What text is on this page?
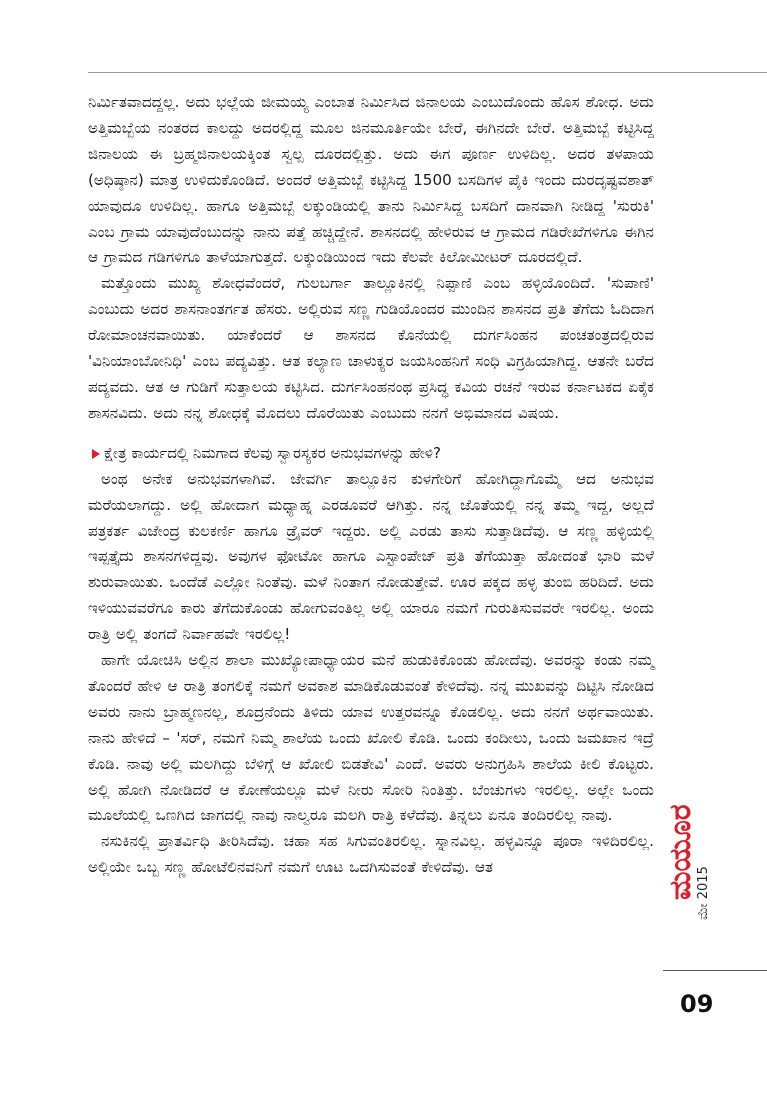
ನಿರ್ಮಿತವಾದದ್ದಲ್ಲ. ಅದು ಭಲ್ಲೆಯ ಜೀಮಯ್ಯ ಎಂಬಾತ ನಿರ್ಮಿಸಿದ ಜಿನಾಲಯ ಎಂಬುದೊಂದು ಹೊಸ ಶೋಧ. ಅದು ಅತ್ತಿಮಬ್ಬೆಯ ನಂತರದ ಕಾಲದ್ದು ಅದರಲ್ಲಿದ್ದ ಮೂಲ ಜಿನಮೂರ್ತಿಯೇ ಬೇರೆ, ಈಗಿನದೇ ಬೇರೆ. ಅತ್ತಿಮಬ್ಬೆ ಕಟ್ಟಿಸಿದ್ದ ಜಿನಾಲಯ ಈ ಬ್ರಹ್ಮಜಿನಾಲಯಕ್ಕಿಂತ ಸ್ವಲ್ಪ ದೂರದಲ್ಲಿತ್ತು. ಅದು ಈಗ ಪೂರ್ಣ ಉಳಿದಿಲ್ಲ. ಅದರ ತಳಪಾಯ (ಅಧಿಷ್ಠಾನ) ಮಾತ್ರ ಉಳಿದುಕೊಂಡಿದೆ. ಅಂದರೆ ಅತ್ತಿಮಬ್ಬೆ ಕಟ್ಟಿಸಿದ್ದ 1500 ಬಸದಿಗಳ ಪೈಕಿ ಇಂದು ದುರದೃಷ್ಟವಶಾತ್ ಯಾವುದೂ ಉಳಿದಿಲ್ಲ. ಹಾಗೂ ಅತ್ತಿಮಬ್ಬೆ ಲಕ್ಕುಂಡಿಯಲ್ಲಿ ತಾನು ನಿರ್ಮಿಸಿದ್ದ ಬಸದಿಗೆ ದಾನವಾಗಿ ನೀಡಿದ್ದ 'ಸುರುಕಿ' ಎಂಬ ಗ್ರಾಮ ಯಾವುದೆಂಬುದನ್ನು ನಾನು ಪತ್ತೆ ಹಚ್ಚಿದ್ದೇನೆ. ಶಾಸನದಲ್ಲಿ ಹೇಳಿರುವ ಆ ಗ್ರಾಮದ ಗಡಿರೇಖೆಗಳಿಗೂ ಈಗಿನ ಆ ಗ್ರಾಮದ ಗಡಿಗಳಿಗೂ ತಾಳೆಯಾಗುತ್ತದೆ. ಲಕ್ಕುಂಡಿಯಿಂದ ಇದು ಕೆಲವೇ ಕಿಲೋಮೀಟರ್ ದೂರದಲ್ಲಿದೆ.

ಮತ್ತೊಂದು ಮುಖ್ಯ ಶೋಧವೆಂದರೆ, ಗುಲಬರ್ಗಾ ತಾಲ್ಲೂಕಿನಲ್ಲಿ ನಿಪ್ಪಾಣಿ ಎಂಬ ಹಳ್ಳಿಯೊಂದಿದೆ. 'ಸುಪಾಣಿ' ಎಂಬುದು ಅದರ ಶಾಸನಾಂತರ್ಗತ ಹೆಸರು. ಅಲ್ಲಿರುವ ಸಣ್ಣ ಗುಡಿಯೊಂದರ ಮುಂದಿನ ಶಾಸನದ ಪ್ರತಿ ತೆಗೆದು ಓದಿದಾಗ ರೋಮಾಂಚನವಾಯಿತು. ಯಾಕೆಂದರೆ ಆ ಶಾಸನದ ಕೊನೆಯಲ್ಲಿ ದುರ್ಗಸಿಂಹನ ಪಂಚತಂತ್ರದಲ್ಲಿರುವ 'ವಿನಿಯಾಂಬೋನಿಧಿ' ಎಂಬ ಪದ್ಯವಿತ್ತು. ಆತ ಕಲ್ಯಾಣ ಚಾಳುಕ್ಯರ ಜಯಸಿಂಹನಿಗೆ ಸಂಧಿ ವಿಗ್ರಹಿಯಾಗಿದ್ದ. ಆತನೇ ಬರೆದ ಪದ್ಯವದು. ಆತ ಆ ಗುಡಿಗೆ ಸುತ್ತಾಲಯ ಕಟ್ಟಿಸಿದ. ದುರ್ಗಸಿಂಹನಂಥ ಪ್ರಸಿದ್ಧ ಕವಿಯ ರಚನೆ ಇರುವ ಕರ್ನಾಟಕದ ಏಕೈಕ ಶಾಸನವಿದು. ಅದು ನನ್ನ ಶೋಧಕ್ಕೆ ಮೊದಲು ದೊರೆಯಿತು ಎಂಬುದು ನನಗೆ ಅಭಿಮಾನದ ವಿಷಯ.

ಕ್ಷೇತ್ರ ಕಾರ್ಯದಲ್ಲಿ ನಿಮಗಾದ ಕೆಲವು ಸ್ವಾರಸ್ಯಕರ ಅನುಭವಗಳನ್ನು ಹೇಳಿ?

ಅಂಥ ಅನೇಕ ಅನುಭವಗಳಾಗಿವೆ. ಜೇವರ್ಗಿ ತಾಲ್ಲೂಕಿನ ಕುಳಗೇರಿಗೆ ಹೋಗಿದ್ದಾಗೊಮ್ಮೆ ಆದ ಅನುಭವ ಮರೆಯಲಾಗದ್ದು. ಅಲ್ಲಿ ಹೋದಾಗ ಮಧ್ಯಾಹ್ನ ಎರಡೂವರೆ ಆಗಿತ್ತು. ನನ್ನ ಜೊತೆಯಲ್ಲಿ ನನ್ನ ತಮ್ಮ ಇದ್ದ, ಅಲ್ಲದೆ ಪತ್ರಕರ್ತ ವಿಜೇಂದ್ರ ಕುಲಕರ್ಣಿ ಹಾಗೂ ಡ್ರೈವರ್ ಇದ್ದರು. ಅಲ್ಲಿ ಎರಡು ತಾಸು ಸುತ್ತಾಡಿದೆವು. ಆ ಸಣ್ಣ ಹಳ್ಳಿಯಲ್ಲಿ ಇಪ್ಪತ್ತೈದು ಶಾಸನಗಳಿದ್ದವು. ಅವುಗಳ ಫೋಟೋ ಹಾಗೂ ಎಸ್ಟಾಂಪೇಜ್ ಪ್ರತಿ ತೆಗೆಯುತ್ತಾ ಹೋದಂತೆ ಭಾರಿ ಮಳೆ ಶುರುವಾಯಿತು. ಒಂದೆಡೆ ಎಲ್ಲೋ ನಿಂತೆವು. ಮಳೆ ನಿಂತಾಗ ನೋಡುತ್ತೇವೆ. ಊರ ಪಕ್ಕದ ಹಳ್ಳ ತುಂಬಿ ಹರಿದಿದೆ. ಅದು ಇಳಿಯುವವರೆಗೂ ಕಾರು ತೆಗೆದುಕೊಂಡು ಹೋಗುವಂತಿಲ್ಲ ಅಲ್ಲಿ ಯಾರೂ ನಮಗೆ ಗುರುತಿಸುವವರೇ ಇರಲಿಲ್ಲ. ಅಂದು ರಾತ್ರಿ ಅಲ್ಲಿ ತಂಗದೆ ನಿರ್ವಾಹವೇ ಇರಲಿಲ್ಲ!

ಹಾಗೇ ಯೋಚಿಸಿ ಅಲ್ಲಿನ ಶಾಲಾ ಮುಖ್ಯೋಪಾಧ್ಯಾಯರ ಮನೆ ಹುಡುಕಿಕೊಂಡು ಹೋದೆವು. ಅವರನ್ನು ಕಂಡು ನಮ್ಮ ತೊಂದರೆ ಹೇಳಿ ಆ ರಾತ್ರಿ ತಂಗಲಿಕ್ಕೆ ನಮಗೆ ಅವಕಾಶ ಮಾಡಿಕೊಡುವಂತೆ ಕೇಳಿದೆವು. ನನ್ನ ಮುಖವನ್ನು ದಿಟ್ಟಿಸಿ ನೋಡಿದ ಅವರು ನಾನು ಬ್ರಾಹ್ಮಣನಲ್ಲ, ಶೂದ್ರನೆಂದು ತಿಳಿದು ಯಾವ ಉತ್ತರವನ್ನೂ ಕೊಡಲಿಲ್ಲ. ಅದು ನನಗೆ ಅರ್ಥವಾಯಿತು. ನಾನು ಹೇಳಿದೆ – 'ಸರ್, ನಮಗೆ ನಿಮ್ಮ ಶಾಲೆಯ ಒಂದು ಖೋಲಿ ಕೊಡಿ. ಒಂದು ಕಂದೀಲು, ಒಂದು ಜಮಖಾನ ಇದ್ರೆ ಕೊಡಿ. ನಾವು ಅಲ್ಲಿ ಮಲಗಿದ್ದು ಬೆಳಿಗ್ಗೆ ಆ ಖೋಲಿ ಬಿಡತೇವಿ' ಎಂದೆ. ಅವರು ಅನುಗ್ರಹಿಸಿ ಶಾಲೆಯ ಕೀಲಿ ಕೊಟ್ಟರು. ಅಲ್ಲಿ ಹೋಗಿ ನೋಡಿದರೆ ಆ ಕೋಣೆಯಲ್ಲೂ ಮಳೆ ನೀರು ಸೋರಿ ನಿಂತಿತ್ತು. ಬೆಂಚುಗಳು ಇರಲಿಲ್ಲ. ಅಲ್ಲೇ ಒಂದು ಮೂಲೆಯಲ್ಲಿ ಒಣಗಿದ ಜಾಗದಲ್ಲಿ ನಾವು ನಾಲ್ವರೂ ಮಲಗಿ ರಾತ್ರಿ ಕಳೆದೆವು. ತಿನ್ನಲು ಏನೂ ತಂದಿರಲಿಲ್ಲ ನಾವು.

ನಸುಕಿನಲ್ಲಿ ಪ್ರಾತರ್ವಿಧಿ ತೀರಿಸಿದೆವು. ಚಹಾ ಸಹ ಸಿಗುವಂತಿರಲಿಲ್ಲ. ಸ್ನಾನವಿಲ್ಲ. ಹಳ್ಳವಿನ್ನೂ ಪೂರಾ ಇಳಿದಿರಲಿಲ್ಲ. ಅಲ್ಲಿಯೇ ಒಬ್ಬ ಸಣ್ಣ ಹೋಟೆಲಿನವನಿಗೆ ನಮಗೆ ಊಟ ಒದಗಿಸುವಂತೆ ಕೇಳಿದೆವು. ಆತ	ಮಯೂರ
ಮೇ 2015
09
